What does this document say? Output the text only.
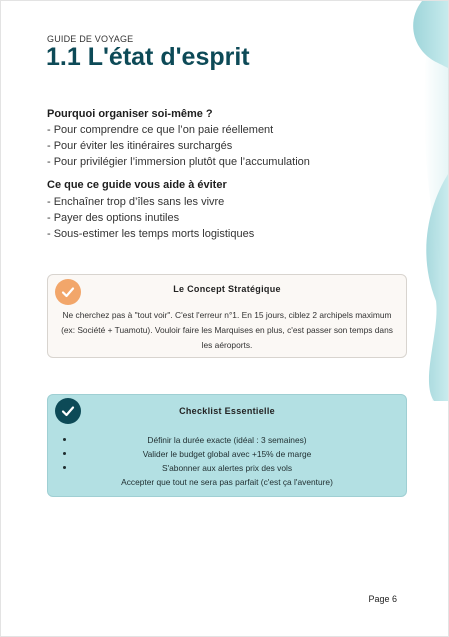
GUIDE DE VOYAGE
1.1 L'état d'esprit
Pourquoi organiser soi-même ?
- Pour comprendre ce que l’on paie réellement
- Pour éviter les itinéraires surchargés
- Pour privilégier l’immersion plutôt que l’accumulation
Ce que ce guide vous aide à éviter
- Enchaîner trop d’îles sans les vivre
- Payer des options inutiles
- Sous-estimer les temps morts logistiques
Le Concept Stratégique
Ne cherchez pas à "tout voir". C'est l'erreur n°1. En 15 jours, ciblez 2 archipels maximum (ex: Société + Tuamotu). Vouloir faire les Marquises en plus, c'est passer son temps dans les aéroports.
Checklist Essentielle
Définir la durée exacte (idéal : 3 semaines)
Valider le budget global avec +15% de marge
S'abonner aux alertes prix des vols
Accepter que tout ne sera pas parfait (c'est ça l'aventure)
Page 6
